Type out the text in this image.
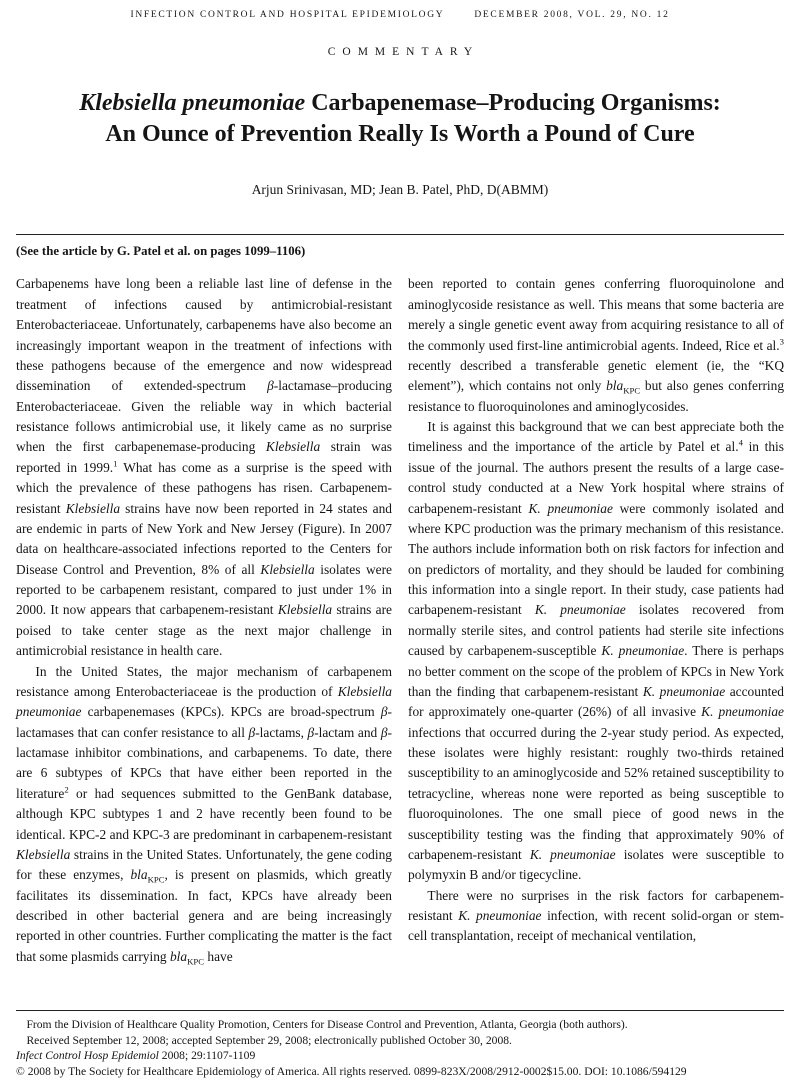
INFECTION CONTROL AND HOSPITAL EPIDEMIOLOGY	DECEMBER 2008, VOL. 29, NO. 12
COMMENTARY
Klebsiella pneumoniae Carbapenemase–Producing Organisms:
An Ounce of Prevention Really Is Worth a Pound of Cure
Arjun Srinivasan, MD; Jean B. Patel, PhD, D(ABMM)
(See the article by G. Patel et al. on pages 1099–1106)

Carbapenems have long been a reliable last line of defense in the treatment of infections caused by antimicrobial-resistant Enterobacteriaceae. Unfortunately, carbapenems have also become an increasingly important weapon in the treatment of infections with these pathogens because of the emergence and now widespread dissemination of extended-spectrum β-lactamase–producing Enterobacteriaceae. Given the reliable way in which bacterial resistance follows antimicrobial use, it likely came as no surprise when the first carbapenemase-producing Klebsiella strain was reported in 1999.$^1$ What has come as a surprise is the speed with which the prevalence of these pathogens has risen. Carbapenem-resistant Klebsiella strains have now been reported in 24 states and are endemic in parts of New York and New Jersey (Figure). In 2007 data on healthcare-associated infections reported to the Centers for Disease Control and Prevention, 8% of all Klebsiella isolates were reported to be carbapenem resistant, compared to just under 1% in 2000. It now appears that carbapenem-resistant Klebsiella strains are poised to take center stage as the next major challenge in antimicrobial resistance in health care.

In the United States, the major mechanism of carbapenem resistance among Enterobacteriaceae is the production of Klebsiella pneumoniae carbapenemases (KPCs). KPCs are broad-spectrum β-lactamases that can confer resistance to all β-lactams, β-lactam and β-lactamase inhibitor combinations, and carbapenems. To date, there are 6 subtypes of KPCs that have either been reported in the literature$^2$ or had sequences submitted to the GenBank database, although KPC subtypes 1 and 2 have recently been found to be identical. KPC-2 and KPC-3 are predominant in carbapenem-resistant Klebsiella strains in the United States. Unfortunately, the gene coding for these enzymes, bla$_{KPC}$, is present on plasmids, which greatly facilitates its dissemination. In fact, KPCs have already been described in other bacterial genera and are being increasingly reported in other countries. Further complicating the matter is the fact that some plasmids carrying bla$_{KPC}$ have

been reported to contain genes conferring fluoroquinolone and aminoglycoside resistance as well. This means that some bacteria are merely a single genetic event away from acquiring resistance to all of the commonly used first-line antimicrobial agents. Indeed, Rice et al.$^3$ recently described a transferable genetic element (ie, the “KQ element”), which contains not only bla$_{KPC}$ but also genes conferring resistance to fluoroquinolones and aminoglycosides.

It is against this background that we can best appreciate both the timeliness and the importance of the article by Patel et al.$^4$ in this issue of the journal. The authors present the results of a large case-control study conducted at a New York hospital where strains of carbapenem-resistant K. pneumoniae were commonly isolated and where KPC production was the primary mechanism of this resistance. The authors include information both on risk factors for infection and on predictors of mortality, and they should be lauded for combining this information into a single report. In their study, case patients had carbapenem-resistant K. pneumoniae isolates recovered from normally sterile sites, and control patients had sterile site infections caused by carbapenem-susceptible K. pneumoniae. There is perhaps no better comment on the scope of the problem of KPCs in New York than the finding that carbapenem-resistant K. pneumoniae accounted for approximately one-quarter (26%) of all invasive K. pneumoniae infections that occurred during the 2-year study period. As expected, these isolates were highly resistant: roughly two-thirds retained susceptibility to an aminoglycoside and 52% retained susceptibility to tetracycline, whereas none were reported as being susceptible to fluoroquinolones. The one small piece of good news in the susceptibility testing was the finding that approximately 90% of carbapenem-resistant K. pneumoniae isolates were susceptible to polymyxin B and/or tigecycline.

There were no surprises in the risk factors for carbapenem-resistant K. pneumoniae infection, with recent solid-organ or stem-cell transplantation, receipt of mechanical ventilation,

From the Division of Healthcare Quality Promotion, Centers for Disease Control and Prevention, Atlanta, Georgia (both authors).

Received September 12, 2008; accepted September 29, 2008; electronically published October 30, 2008.

Infect Control Hosp Epidemiol 2008; 29:1107-1109

© 2008 by The Society for Healthcare Epidemiology of America. All rights reserved. 0899-823X/2008/2912-0002$15.00. DOI: 10.1086/594129
